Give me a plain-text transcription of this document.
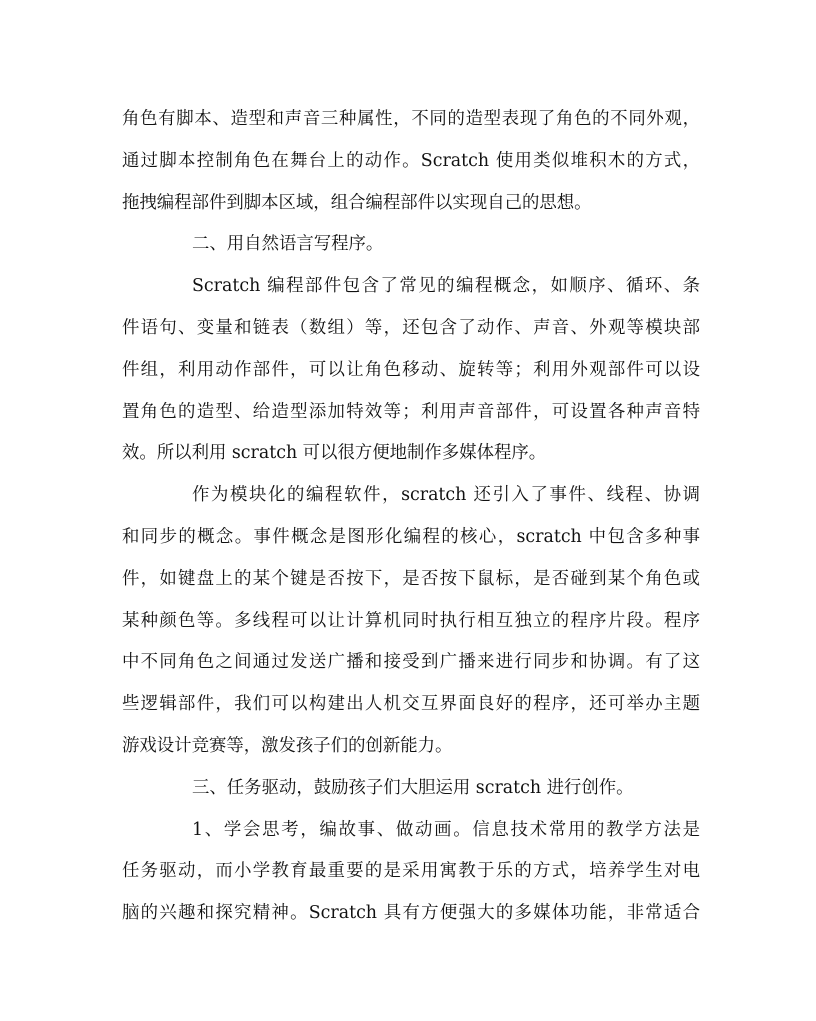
角色有脚本、造型和声音三种属性，不同的造型表现了角色的不同外观，
通过脚本控制角色在舞台上的动作。Scratch 使用类似堆积木的方式，
拖拽编程部件到脚本区域，组合编程部件以实现自己的思想。
二、用自然语言写程序。
Scratch 编程部件包含了常见的编程概念，如顺序、循环、条
件语句、变量和链表（数组）等，还包含了动作、声音、外观等模块部
件组，利用动作部件，可以让角色移动、旋转等；利用外观部件可以设
置角色的造型、给造型添加特效等；利用声音部件，可设置各种声音特
效。所以利用 scratch 可以很方便地制作多媒体程序。
作为模块化的编程软件，scratch 还引入了事件、线程、协调
和同步的概念。事件概念是图形化编程的核心，scratch 中包含多种事
件，如键盘上的某个键是否按下，是否按下鼠标，是否碰到某个角色或
某种颜色等。多线程可以让计算机同时执行相互独立的程序片段。程序
中不同角色之间通过发送广播和接受到广播来进行同步和协调。有了这
些逻辑部件，我们可以构建出人机交互界面良好的程序，还可举办主题
游戏设计竞赛等，激发孩子们的创新能力。
三、任务驱动，鼓励孩子们大胆运用 scratch 进行创作。
1、学会思考，编故事、做动画。信息技术常用的教学方法是
任务驱动，而小学教育最重要的是采用寓教于乐的方式，培养学生对电
脑的兴趣和探究精神。Scratch 具有方便强大的多媒体功能，非常适合
